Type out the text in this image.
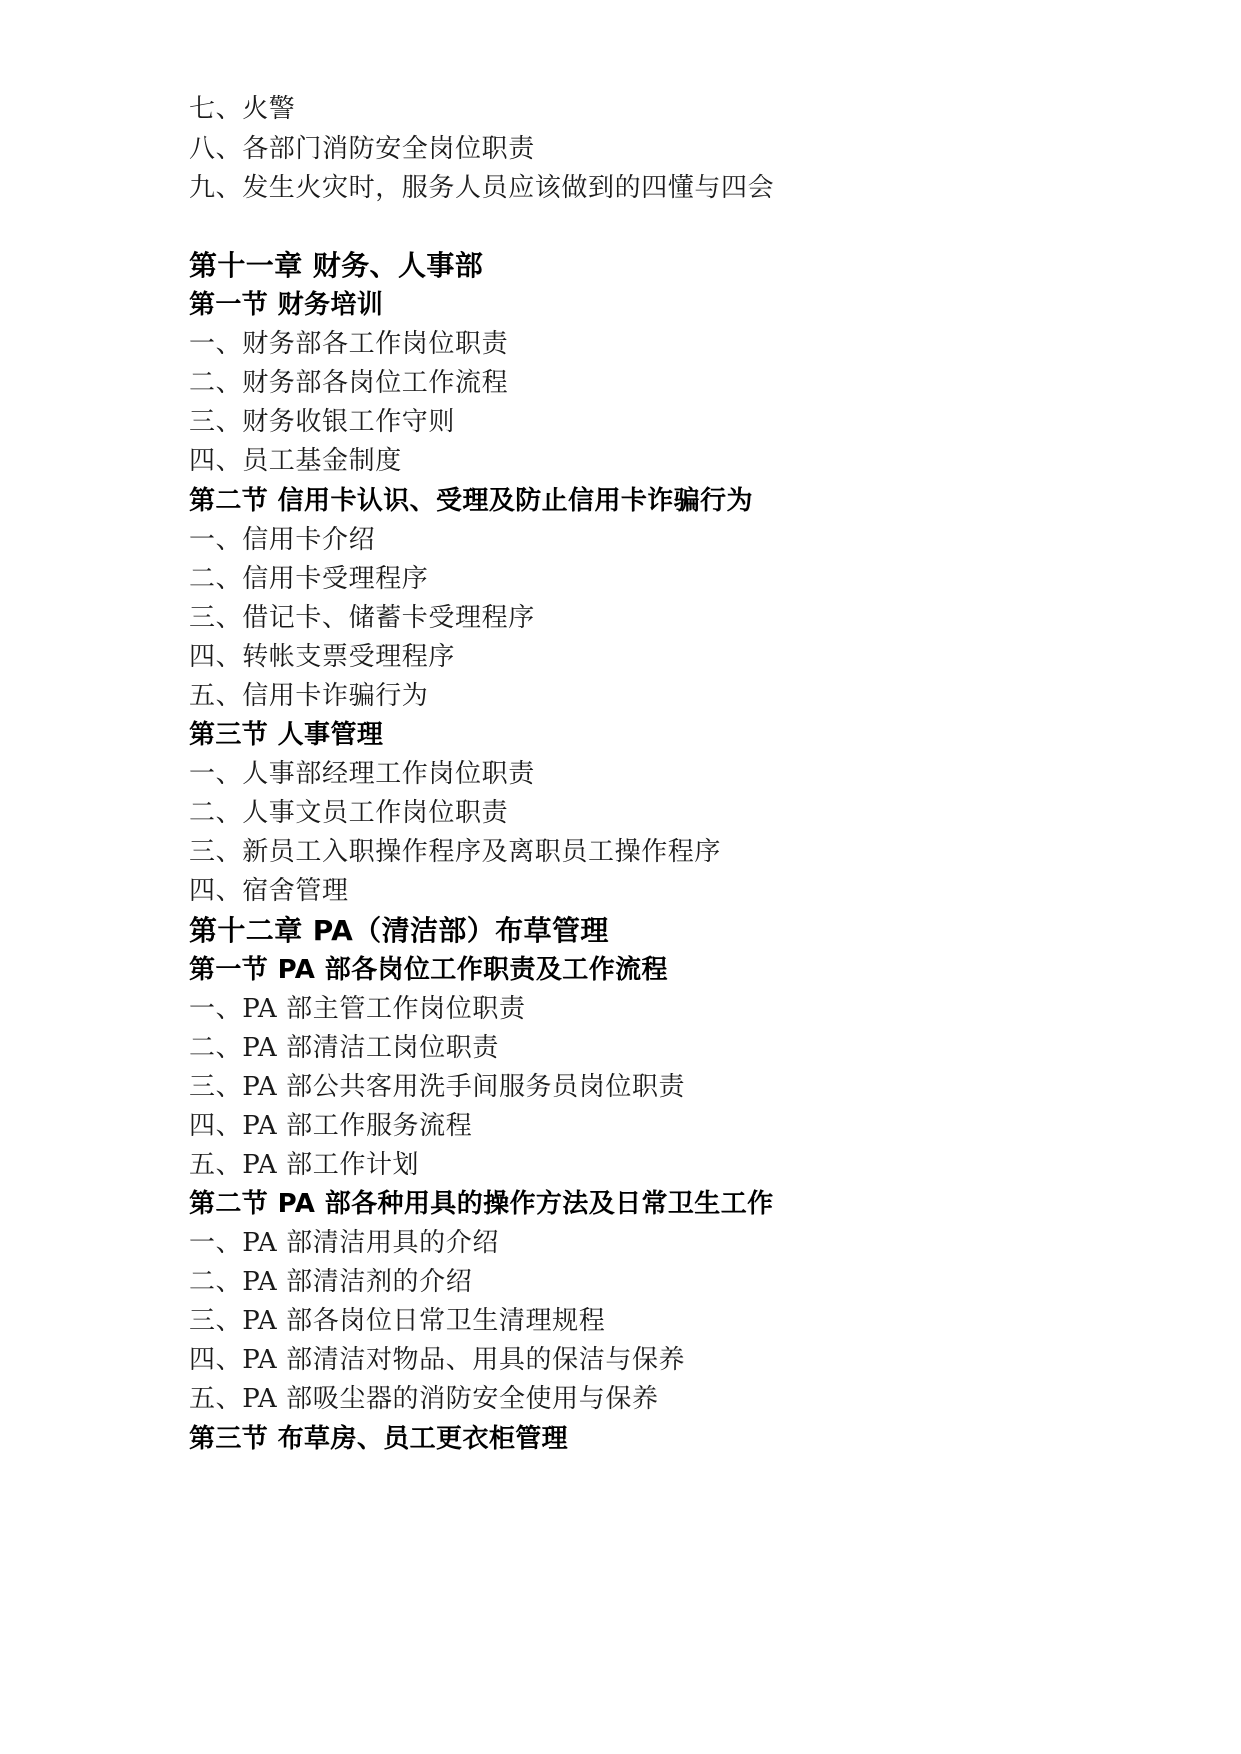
七、火警
八、各部门消防安全岗位职责
九、发生火灾时，服务人员应该做到的四懂与四会
第十一章 财务、人事部
第一节 财务培训
一、财务部各工作岗位职责
二、财务部各岗位工作流程
三、财务收银工作守则
四、员工基金制度
第二节 信用卡认识、受理及防止信用卡诈骗行为
一、信用卡介绍
二、信用卡受理程序
三、借记卡、储蓄卡受理程序
四、转帐支票受理程序
五、信用卡诈骗行为
第三节 人事管理
一、人事部经理工作岗位职责
二、人事文员工作岗位职责
三、新员工入职操作程序及离职员工操作程序
四、宿舍管理
第十二章 PA（清洁部）布草管理
第一节 PA 部各岗位工作职责及工作流程
一、PA 部主管工作岗位职责
二、PA 部清洁工岗位职责
三、PA 部公共客用洗手间服务员岗位职责
四、PA 部工作服务流程
五、PA 部工作计划
第二节 PA 部各种用具的操作方法及日常卫生工作
一、PA 部清洁用具的介绍
二、PA 部清洁剂的介绍
三、PA 部各岗位日常卫生清理规程
四、PA 部清洁对物品、用具的保洁与保养
五、PA 部吸尘器的消防安全使用与保养
第三节 布草房、员工更衣柜管理
